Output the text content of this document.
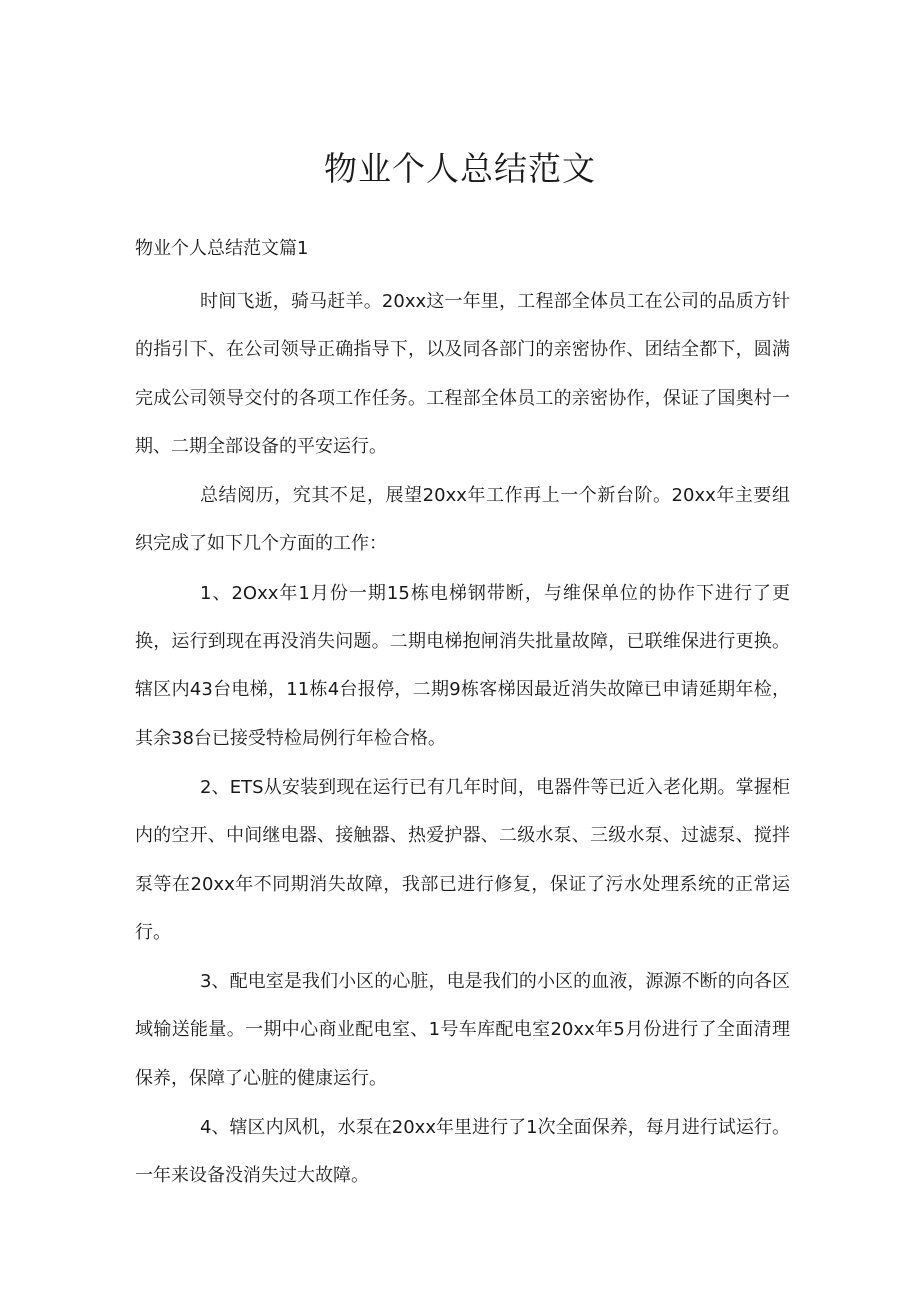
物业个人总结范文

物业个人总结范文篇1

时间飞逝，骑马赶羊。20xx这一年里，工程部全体员工在公司的品质方针的指引下、在公司领导正确指导下，以及同各部门的亲密协作、团结全都下，圆满完成公司领导交付的各项工作任务。工程部全体员工的亲密协作，保证了国奥村一期、二期全部设备的平安运行。

总结阅历，究其不足，展望20xx年工作再上一个新台阶。20xx年主要组织完成了如下几个方面的工作：

1、2Oxx年1月份一期15栋电梯钢带断，与维保单位的协作下进行了更换，运行到现在再没消失问题。二期电梯抱闸消失批量故障，已联维保进行更换。辖区内43台电梯，11栋4台报停，二期9栋客梯因最近消失故障已申请延期年检，其余38台已接受特检局例行年检合格。

2、ETS从安装到现在运行已有几年时间，电器件等已近入老化期。掌握柜内的空开、中间继电器、接触器、热爱护器、二级水泵、三级水泵、过滤泵、搅拌泵等在20xx年不同期消失故障，我部已进行修复，保证了污水处理系统的正常运行。

3、配电室是我们小区的心脏，电是我们的小区的血液，源源不断的向各区域输送能量。一期中心商业配电室、1号车库配电室20xx年5月份进行了全面清理保养，保障了心脏的健康运行。

4、辖区内风机，水泵在20xx年里进行了1次全面保养，每月进行试运行。一年来设备没消失过大故障。
